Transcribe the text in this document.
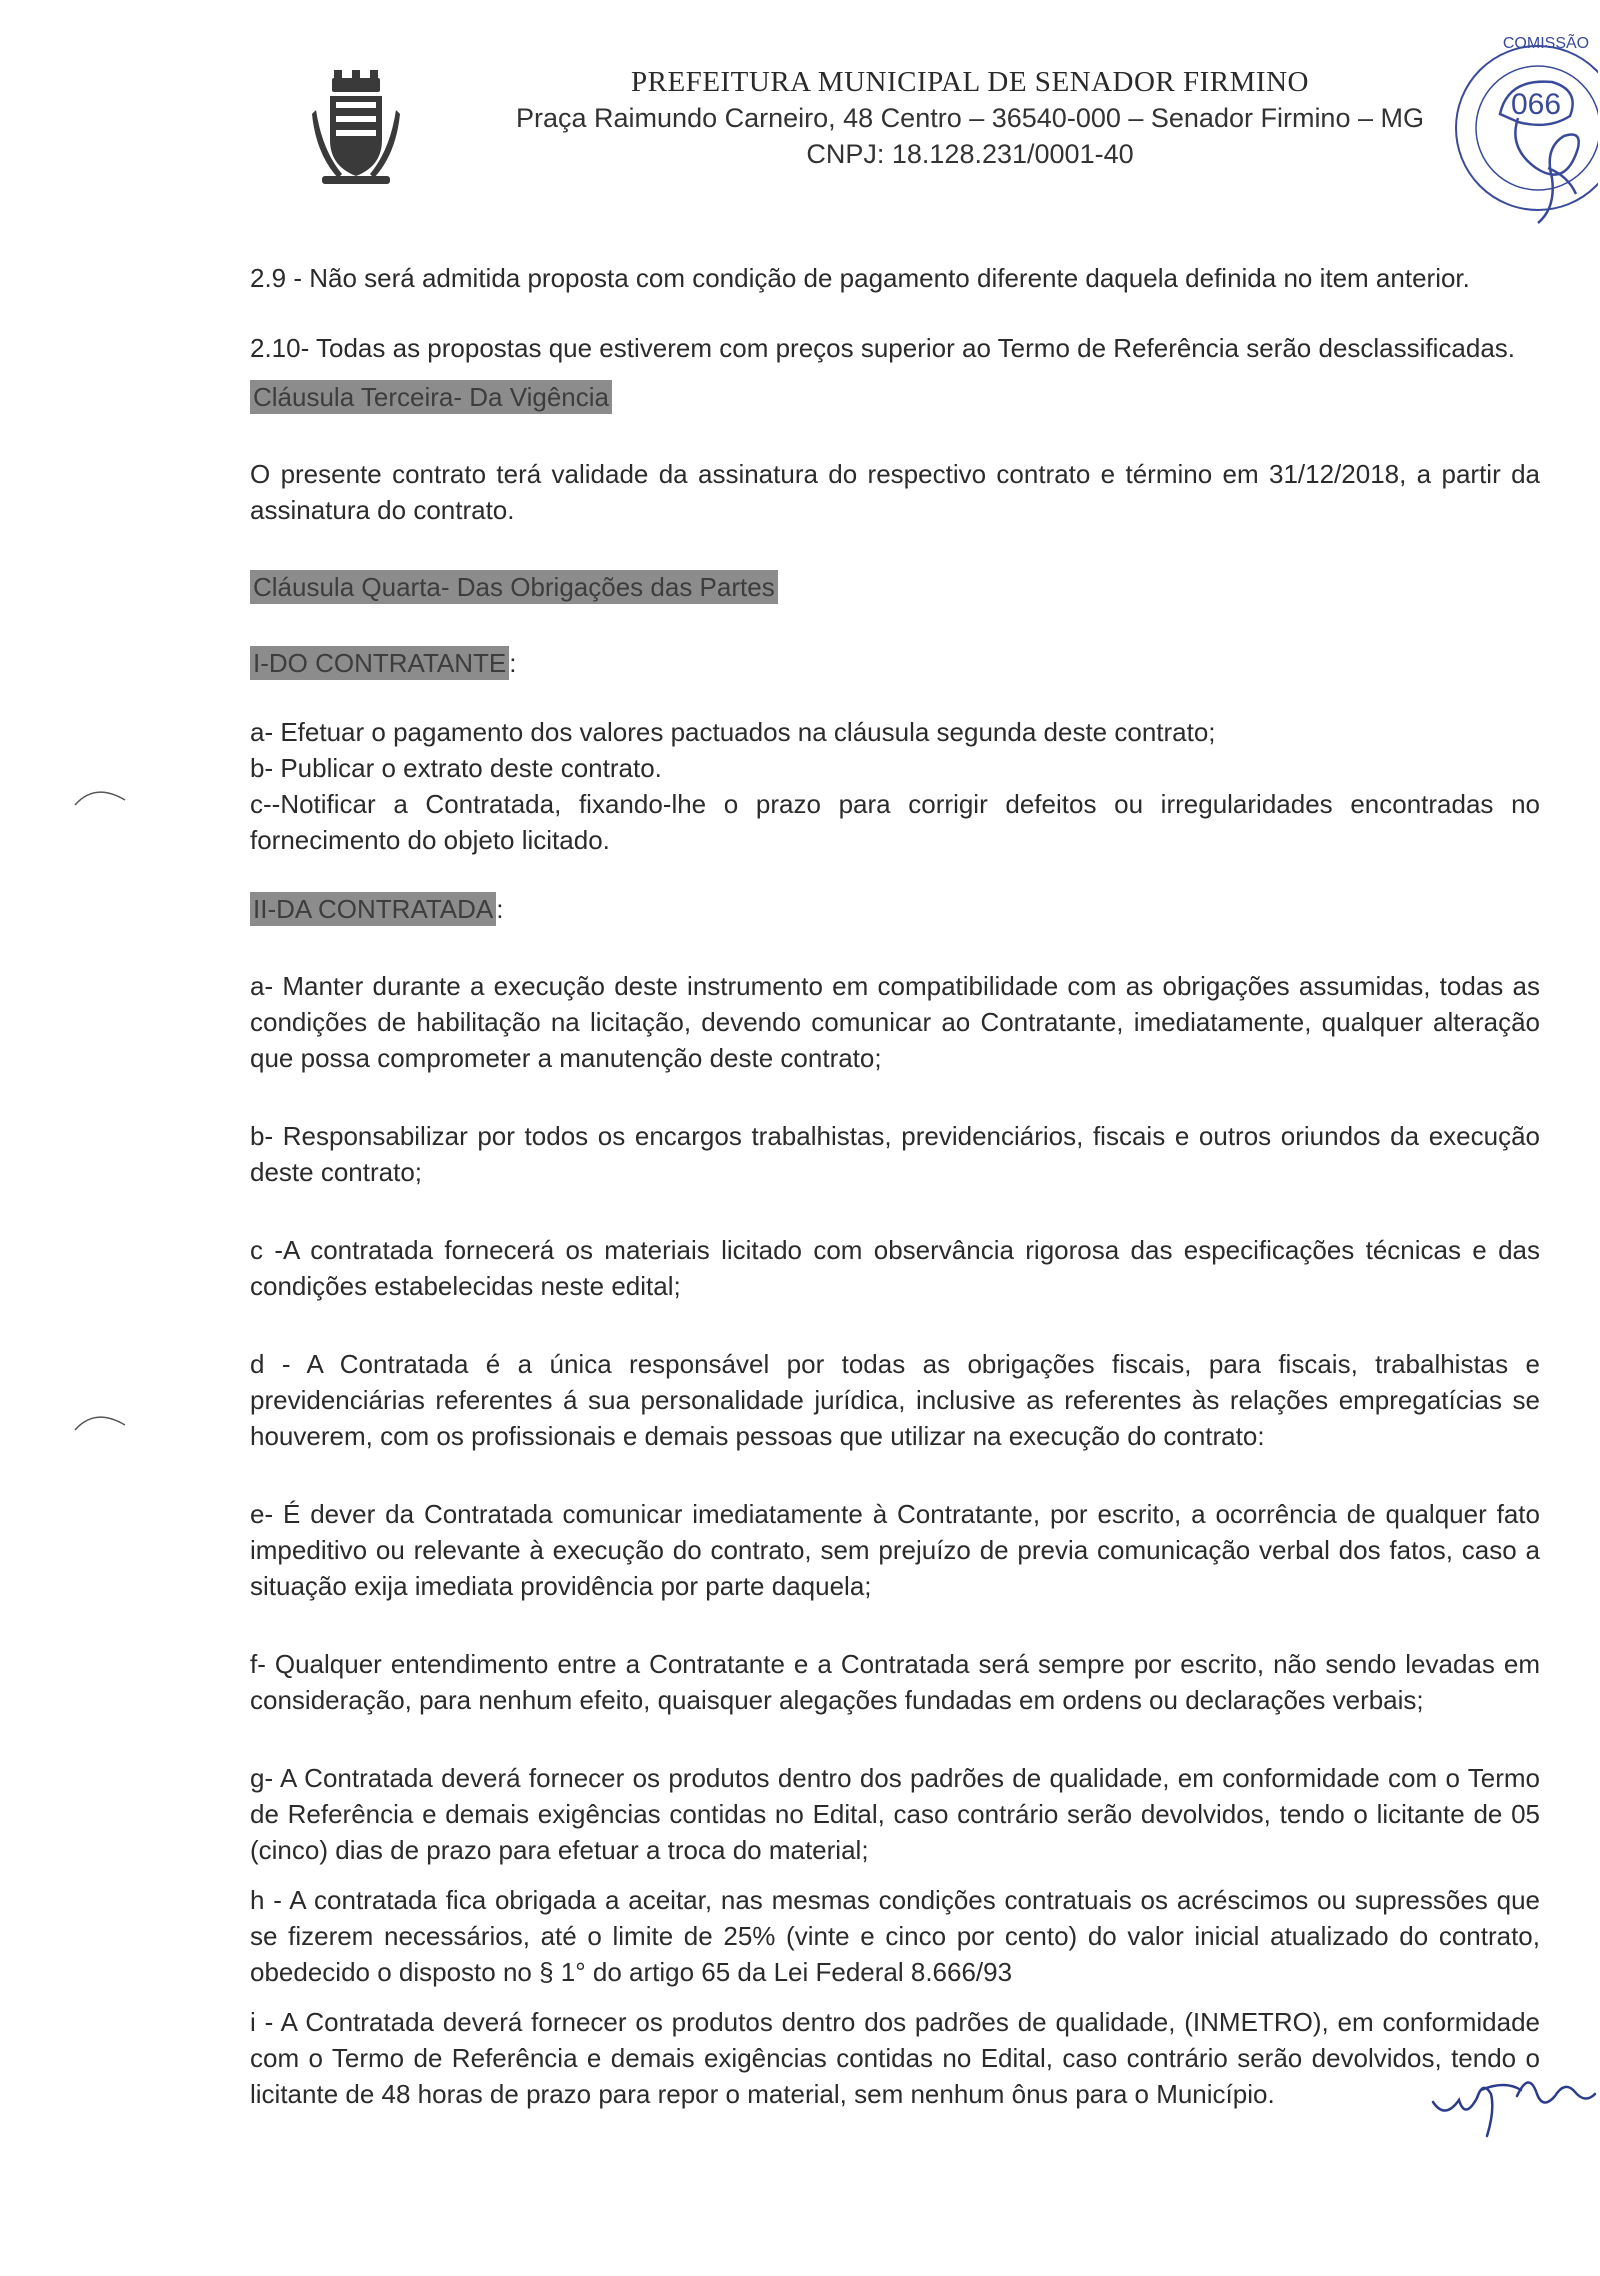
PREFEITURA MUNICIPAL DE SENADOR FIRMINO
Praça Raimundo Carneiro, 48 Centro – 36540-000 – Senador Firmino – MG
CNPJ: 18.128.231/0001-40
COMISSÃO
066

2.9 - Não será admitida proposta com condição de pagamento diferente daquela definida no item anterior.

2.10- Todas as propostas que estiverem com preços superior ao Termo de Referência serão desclassificadas.

Cláusula Terceira- Da Vigência

O presente contrato terá validade da assinatura do respectivo contrato e término em 31/12/2018, a partir da assinatura do contrato.

Cláusula Quarta- Das Obrigações das Partes
I-DO CONTRATANTE :

a- Efetuar o pagamento dos valores pactuados na cláusula segunda deste contrato;

b- Publicar o extrato deste contrato.

c--Notificar a Contratada, fixando-lhe o prazo para corrigir defeitos ou irregularidades encontradas no fornecimento do objeto licitado.

II-DA CONTRATADA :

a- Manter durante a execução deste instrumento em compatibilidade com as obrigações assumidas, todas as condições de habilitação na licitação, devendo comunicar ao Contratante, imediatamente, qualquer alteração que possa comprometer a manutenção deste contrato;

b- Responsabilizar por todos os encargos trabalhistas, previdenciários, fiscais e outros oriundos da execução deste contrato;

c -A contratada fornecerá os materiais licitado com observância rigorosa das especificações técnicas e das condições estabelecidas neste edital;

d - A Contratada é a única responsável por todas as obrigações fiscais, para fiscais, trabalhistas e previdenciárias referentes á sua personalidade jurídica, inclusive as referentes às relações empregatícias se houverem, com os profissionais e demais pessoas que utilizar na execução do contrato:

e- É dever da Contratada comunicar imediatamente à Contratante, por escrito, a ocorrência de qualquer fato impeditivo ou relevante à execução do contrato, sem prejuízo de previa comunicação verbal dos fatos, caso a situação exija imediata providência por parte daquela;

f- Qualquer entendimento entre a Contratante e a Contratada será sempre por escrito, não sendo levadas em consideração, para nenhum efeito, quaisquer alegações fundadas em ordens ou declarações verbais;

g- A Contratada deverá fornecer os produtos dentro dos padrões de qualidade, em conformidade com o Termo de Referência e demais exigências contidas no Edital, caso contrário serão devolvidos, tendo o licitante de 05 (cinco) dias de prazo para efetuar a troca do material;

h - A contratada fica obrigada a aceitar, nas mesmas condições contratuais os acréscimos ou supressões que se fizerem necessários, até o limite de 25% (vinte e cinco por cento) do valor inicial atualizado do contrato, obedecido o disposto no § 1° do artigo 65 da Lei Federal 8.666/93

i - A Contratada deverá fornecer os produtos dentro dos padrões de qualidade, (INMETRO), em conformidade com o Termo de Referência e demais exigências contidas no Edital, caso contrário serão devolvidos, tendo o licitante de 48 horas de prazo para repor o material, sem nenhum ônus para o Município.
